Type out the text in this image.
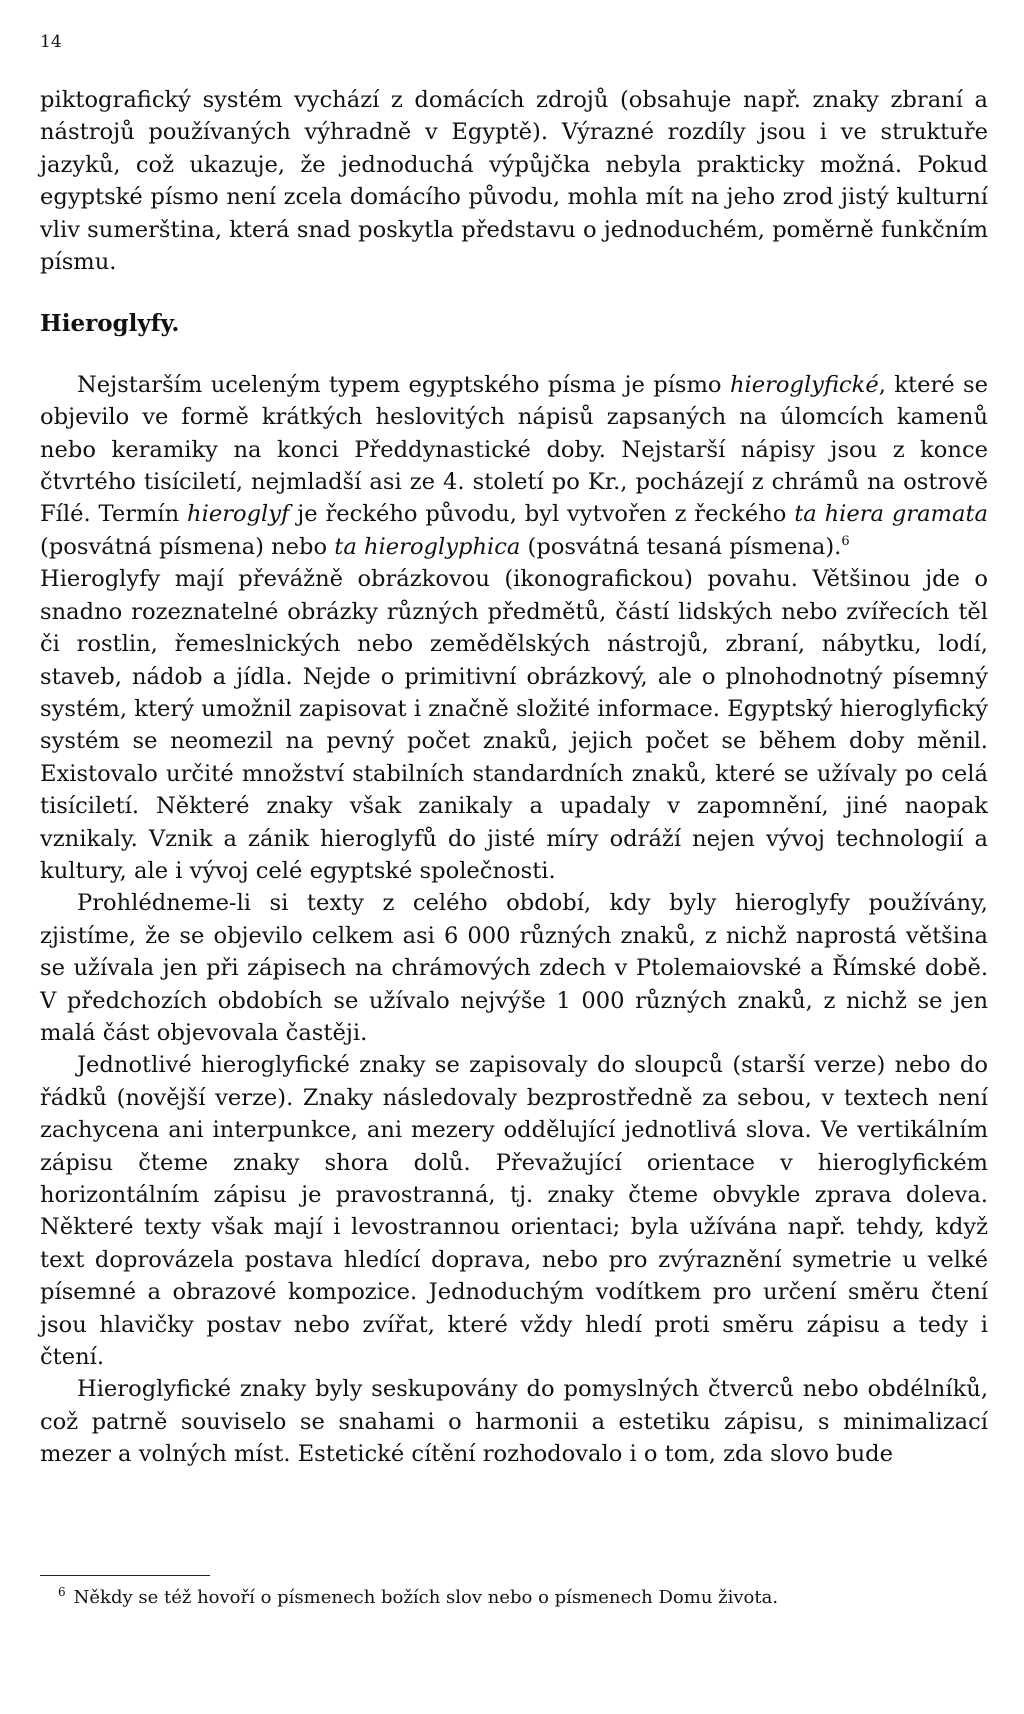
14

piktografický systém vychází z domácích zdrojů (obsahuje např. znaky zbraní a nástrojů používaných výhradně v Egyptě). Výrazné rozdíly jsou i ve struktuře jazyků, což ukazuje, že jednoduchá výpůjčka nebyla prakticky možná. Pokud egyptské písmo není zcela domácího původu, mohla mít na jeho zrod jistý kulturní vliv sumerština, která snad poskytla představu o jednoduchém, poměrně funkčním písmu.

Hieroglyfy.

Nejstarším uceleným typem egyptského písma je písmo hieroglyfické, které se objevilo ve formě krátkých heslovitých nápisů zapsaných na úlomcích kamenů nebo keramiky na konci Předdynastické doby. Nejstarší nápisy jsou z konce čtvrtého tisíciletí, nejmladší asi ze 4. století po Kr., pocházejí z chrámů na ostrově Fílé. Termín hieroglyf je řeckého původu, byl vytvořen z řeckého ta hiera gramata (posvátná písmena) nebo ta hieroglyphica (posvátná tesaná písmena).$^6$

Hieroglyfy mají převážně obrázkovou (ikonografickou) povahu. Většinou jde o snadno rozeznatelné obrázky různých předmětů, částí lidských nebo zvířecích těl či rostlin, řemeslnických nebo zemědělských nástrojů, zbraní, nábytku, lodí, staveb, nádob a jídla. Nejde o primitivní obrázkový, ale o plnohodnotný písemný systém, který umožnil zapisovat i značně složité informace. Egyptský hieroglyfický systém se neomezil na pevný počet znaků, jejich počet se během doby měnil. Existovalo určité množství stabilních standardních znaků, které se užívaly po celá tisíciletí. Některé znaky však zanikaly a upadaly v zapomnění, jiné naopak vznikaly. Vznik a zánik hieroglyfů do jisté míry odráží nejen vývoj technologií a kultury, ale i vývoj celé egyptské společnosti.

Prohlédneme-li si texty z celého období, kdy byly hieroglyfy používány, zjistíme, že se objevilo celkem asi 6 000 různých znaků, z nichž naprostá většina se užívala jen při zápisech na chrámových zdech v Ptolemaiovské a Římské době. V předchozích obdobích se užívalo nejvýše 1 000 různých znaků, z nichž se jen malá část objevovala častěji.

Jednotlivé hieroglyfické znaky se zapisovaly do sloupců (starší verze) nebo do řádků (novější verze). Znaky následovaly bezprostředně za sebou, v textech není zachycena ani interpunkce, ani mezery oddělující jednotlivá slova. Ve vertikálním zápisu čteme znaky shora dolů. Převažující orientace v hieroglyfickém horizontálním zápisu je pravostranná, tj. znaky čteme obvykle zprava doleva. Některé texty však mají i levostrannou orientaci; byla užívána např. tehdy, když text doprovázela postava hledící doprava, nebo pro zvýraznění symetrie u velké písemné a obrazové kompozice. Jednoduchým vodítkem pro určení směru čtení jsou hlavičky postav nebo zvířat, které vždy hledí proti směru zápisu a tedy i čtení.

Hieroglyfické znaky byly seskupovány do pomyslných čtverců nebo obdélníků, což patrně souviselo se snahami o harmonii a estetiku zápisu, s minimalizací mezer a volných míst. Estetické cítění rozhodovalo i o tom, zda slovo bude

$^6$ Někdy se též hovoří o písmenech božích slov nebo o písmenech Domu života.
